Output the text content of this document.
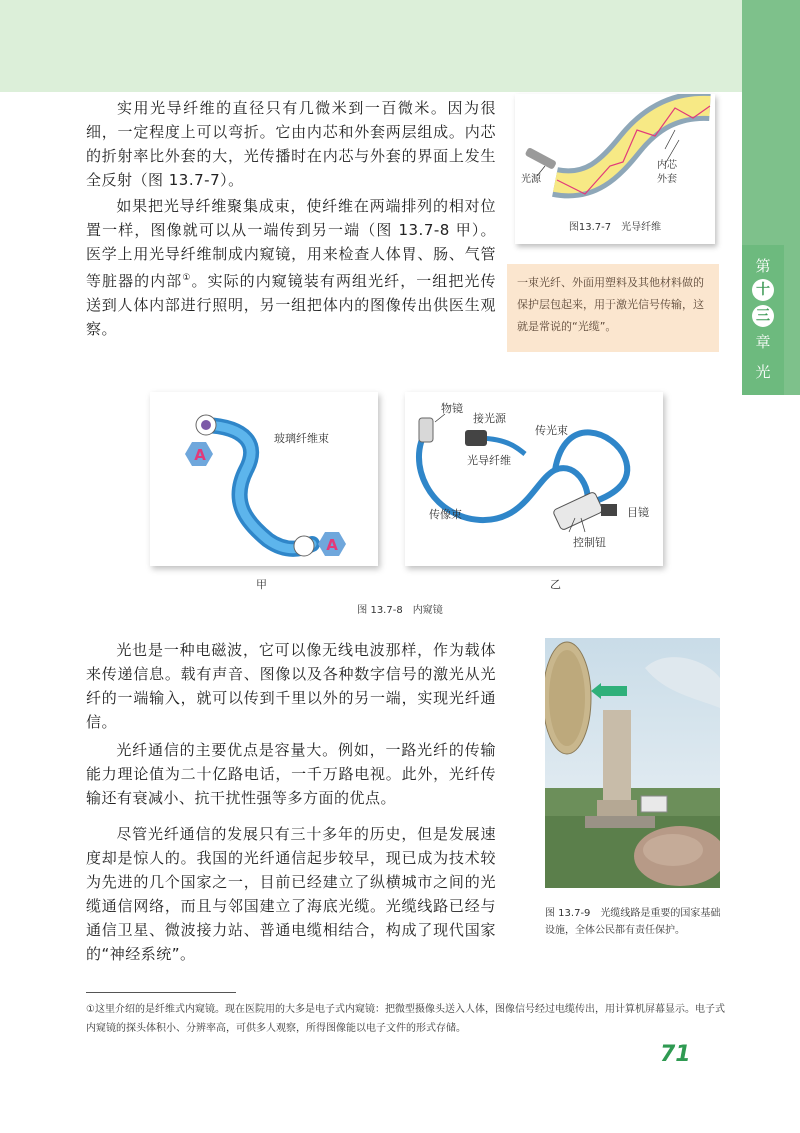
第
十
三
章
光
实用光导纤维的直径只有几微米到一百微米。因为很细，一定程度上可以弯折。它由内芯和外套两层组成。内芯的折射率比外套的大，光传播时在内芯与外套的界面上发生全反射（图 13.7-7）。
如果把光导纤维聚集成束，使纤维在两端排列的相对位置一样，图像就可以从一端传到另一端（图 13.7-8 甲）。医学上用光导纤维制成内窥镜，用来检查人体胃、肠、气管等脏器的内部①。实际的内窥镜装有两组光纤，一组把光传送到人体内部进行照明，另一组把体内的图像传出供医生观察。
光源
内芯
外套
图13.7-7　光导纤维
一束光纤、外面用塑料及其他材料做的保护层包起来，用于激光信号传输，这就是常说的“光缆”。
A
A
玻璃纤维束
物镜
接光源
传光束
光导纤维
传像束	目镜
控制钮
甲	乙
图 13.7-8　内窥镜
光也是一种电磁波，它可以像无线电波那样，作为载体来传递信息。载有声音、图像以及各种数字信号的激光从光纤的一端输入，就可以传到千里以外的另一端，实现光纤通信。
光纤通信的主要优点是容量大。例如，一路光纤的传输能力理论值为二十亿路电话，一千万路电视。此外，光纤传输还有衰减小、抗干扰性强等多方面的优点。
尽管光纤通信的发展只有三十多年的历史，但是发展速度却是惊人的。我国的光纤通信起步较早，现已成为技术较为先进的几个国家之一，目前已经建立了纵横城市之间的光缆通信网络，而且与邻国建立了海底光缆。光缆线路已经与通信卫星、微波接力站、普通电缆相结合，构成了现代国家的“神经系统”。
图 13.7-9　光缆线路是重要的国家基础设施，全体公民都有责任保护。
①这里介绍的是纤维式内窥镜。现在医院用的大多是电子式内窥镜：把微型摄像头送入人体，图像信号经过电缆传出，用计算机屏幕显示。电子式内窥镜的探头体积小、分辨率高，可供多人观察，所得图像能以电子文件的形式存储。
71
